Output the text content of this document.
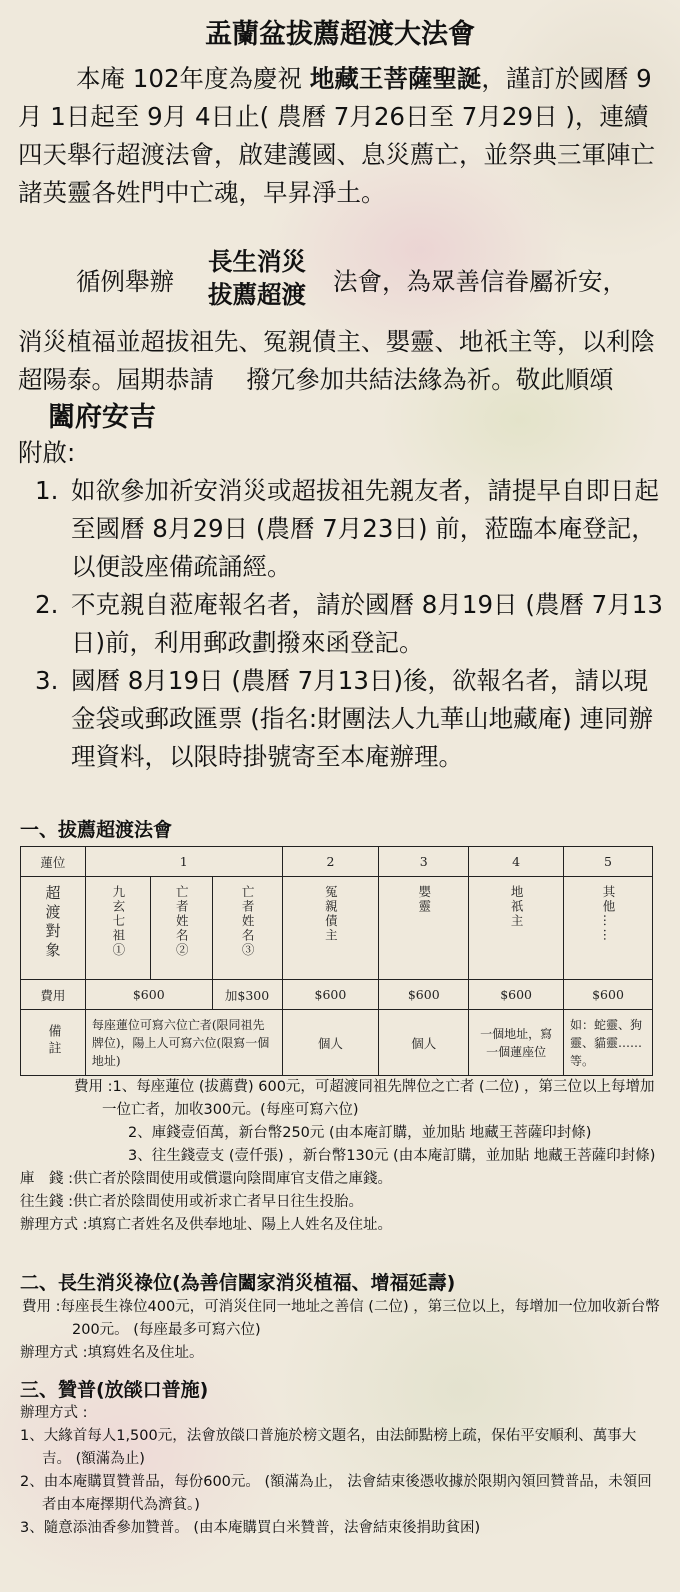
盂蘭盆拔薦超渡大法會
本庵 102年度為慶祝 地藏王菩薩聖誕，謹訂於國曆 9月 1日起至 9月 4日止( 農曆 7月26日至 7月29日 )，連續四天舉行超渡法會，啟建護國、息災薦亡，並祭典三軍陣亡諸英靈各姓門中亡魂，早昇淨土。
循例舉辦
長生消災
拔薦超渡 法會，為眾善信眷屬祈安，
消災植福並超拔祖先、冤親債主、嬰靈、地祇主等，以利陰超陽泰。屆期恭請　 撥冗參加共結法緣為祈。敬此順頌闔府安吉
附啟:
1. 如欲參加祈安消災或超拔祖先親友者，請提早自即日起至國曆 8月29日 (農曆 7月23日) 前，蒞臨本庵登記，以便設座備疏誦經。
2. 不克親自蒞庵報名者，請於國曆 8月19日 (農曆 7月13日)前，利用郵政劃撥來函登記。
3. 國曆 8月19日 (農曆 7月13日)後，欲報名者，請以現金袋或郵政匯票 (指名:財團法人九華山地藏庵) 連同辦理資料，以限時掛號寄至本庵辦理。
一、拔薦超渡法會
蓮位	1			2	3	4	5
超渡對象	九玄七祖①	亡者姓名②	亡者姓名③	冤親債主	嬰靈	地祇主	其他……
費用	$600		加$300	$600	$600	$600	$600
備註	每座蓮位可寫六位亡者(限同祖先牌位)，陽上人可寫六位(限寫一個地址)			個人	個人	一個地址，寫一個蓮座位	如：蛇靈、狗靈、貓靈……等。
費用 :1、每座蓮位 (拔薦費) 600元，可超渡同祖先牌位之亡者 (二位) ，第三位以上每增加一位亡者，加收300元。(每座可寫六位)
2、庫錢壹佰萬，新台幣250元 (由本庵訂購，並加貼 地藏王菩薩印封條)
3、往生錢壹支 (壹仟張) ，新台幣130元 (由本庵訂購，並加貼 地藏王菩薩印封條)
庫　錢 :供亡者於陰間使用或償還向陰間庫官支借之庫錢。
往生錢 :供亡者於陰間使用或祈求亡者早日往生投胎。
辦理方式 :填寫亡者姓名及供奉地址、陽上人姓名及住址。
二、長生消災祿位(為善信闔家消災植福、增福延壽)
費用 :每座長生祿位400元，可消災住同一地址之善信 (二位) ，第三位以上，每增加一位加收新台幣200元。 (每座最多可寫六位)
辦理方式 :填寫姓名及住址。
三、贊普(放燄口普施)
辦理方式 :
1、大緣首每人1,500元，法會放燄口普施於榜文題名，由法師點榜上疏，保佑平安順利、萬事大吉。 (額滿為止)
2、由本庵購買贊普品，每份600元。 (額滿為止， 法會結束後憑收據於限期內領回贊普品，未領回者由本庵擇期代為濟貧。)
3、隨意添油香參加贊普。 (由本庵購買白米贊普，法會結束後捐助貧困)
